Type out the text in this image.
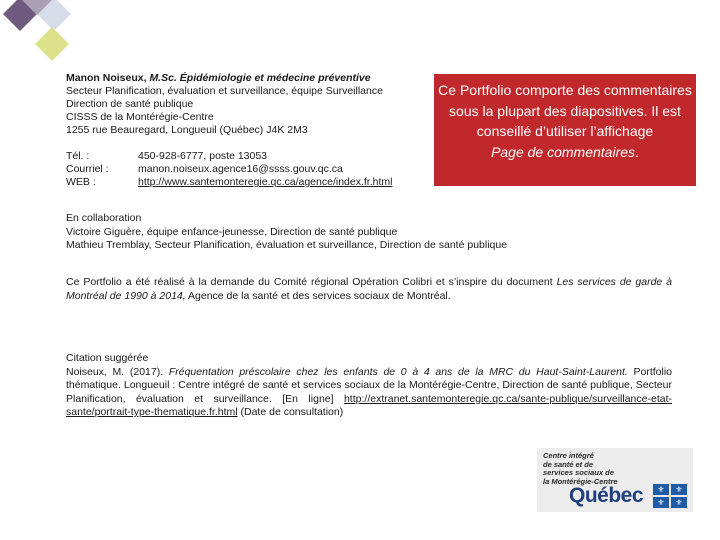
Manon Noiseux, M.Sc. Épidémiologie et médecine préventive
Secteur Planification, évaluation et surveillance, équipe Surveillance
Direction de santé publique
CISSS de la Montérégie-Centre
1255 rue Beauregard, Longueuil (Québec) J4K 2M3
Tél. :	450-928-6777, poste 13053
Courriel :	manon.noiseux.agence16@ssss.gouv.qc.ca
WEB :	http://www.santemonteregie.qc.ca/agence/index.fr.html
Ce Portfolio comporte des commentaires sous la plupart des diapositives. Il est conseillé d’utiliser l’affichage
Page de commentaires.
En collaboration
Victoire Giguère, équipe enfance-jeunesse, Direction de santé publique
Mathieu Tremblay, Secteur Planification, évaluation et surveillance, Direction de santé publique
Ce Portfolio a été réalisé à la demande du Comité régional Opération Colibri et s’inspire du document Les services de garde à Montréal de 1990 à 2014, Agence de la santé et des services sociaux de Montréal.
Citation suggérée
Noiseux, M. (2017). Fréquentation préscolaire chez les enfants de 0 à 4 ans de la MRC du Haut-Saint-Laurent. Portfolio thématique. Longueuil : Centre intégré de santé et services sociaux de la Montérégie-Centre, Direction de santé publique, Secteur Planification, évaluation et surveillance. [En ligne] http://extranet.santemonteregie.qc.ca/sante-publique/surveillance-etat-sante/portrait-type-thematique.fr.html (Date de consultation)
Centre intégré
de santé et de
services sociaux de
la Montérégie-Centre
Québec	⚜	⚜
⚜	⚜
